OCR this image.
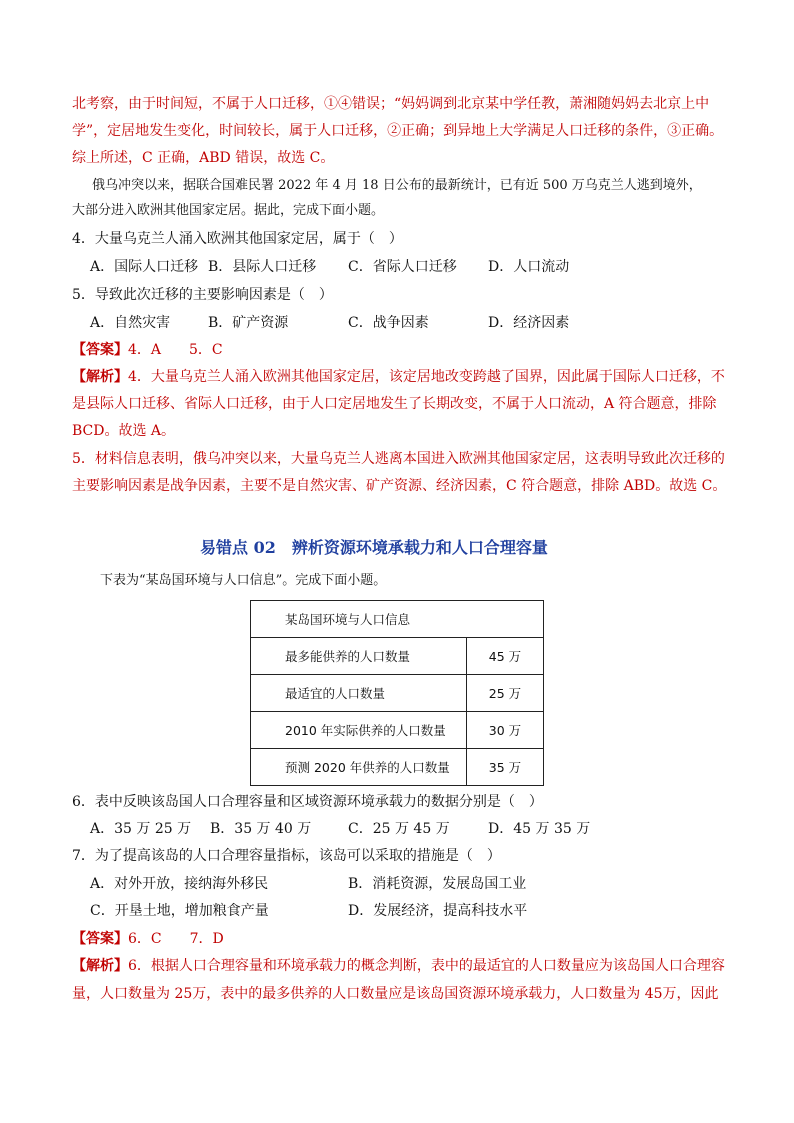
北考察，由于时间短，不属于人口迁移，①④错误；“妈妈调到北京某中学任教，萧湘随妈妈去北京上中
学”，定居地发生变化，时间较长，属于人口迁移，②正确；到异地上大学满足人口迁移的条件，③正确。
综上所述，C 正确，ABD 错误，故选 C。
俄乌冲突以来，据联合国难民署 2022 年 4 月 18 日公布的最新统计，已有近 500 万乌克兰人逃到境外，
大部分进入欧洲其他国家定居。据此，完成下面小题。
4．大量乌克兰人涌入欧洲其他国家定居，属于（　）
A．国际人口迁移 B．县际人口迁移 C．省际人口迁移 D．人口流动
5．导致此次迁移的主要影响因素是（　）
A．自然灾害	B．矿产资源	C．战争因素	D．经济因素
【答案】4．A　　5．C
【解析】4．大量乌克兰人涌入欧洲其他国家定居，该定居地改变跨越了国界，因此属于国际人口迁移，不
是县际人口迁移、省际人口迁移，由于人口定居地发生了长期改变，不属于人口流动，A 符合题意，排除
BCD。故选 A。
5．材料信息表明，俄乌冲突以来，大量乌克兰人逃离本国进入欧洲其他国家定居，这表明导致此次迁移的
主要影响因素是战争因素，主要不是自然灾害、矿产资源、经济因素，C 符合题意，排除 ABD。故选 C。
易错点 02　辨析资源环境承载力和人口合理容量
下表为“某岛国环境与人口信息”。完成下面小题。
某岛国环境与人口信息	
最多能供养的人口数量	45 万
最适宜的人口数量	25 万
2010 年实际供养的人口数量	30 万
预测 2020 年供养的人口数量	35 万
6．表中反映该岛国人口合理容量和区域资源环境承载力的数据分别是（　）
A．35 万 25 万 B．35 万 40 万	C．25 万 45 万	D．45 万 35 万
7．为了提高该岛的人口合理容量指标，该岛可以采取的措施是（　）
A．对外开放，接纳海外移民	B．消耗资源，发展岛国工业
C．开垦土地，增加粮食产量	D．发展经济，提高科技水平
【答案】6．C　　7．D
【解析】6．根据人口合理容量和环境承载力的概念判断，表中的最适宜的人口数量应为该岛国人口合理容
量，人口数量为 25万，表中的最多供养的人口数量应是该岛国资源环境承载力，人口数量为 45万，因此
